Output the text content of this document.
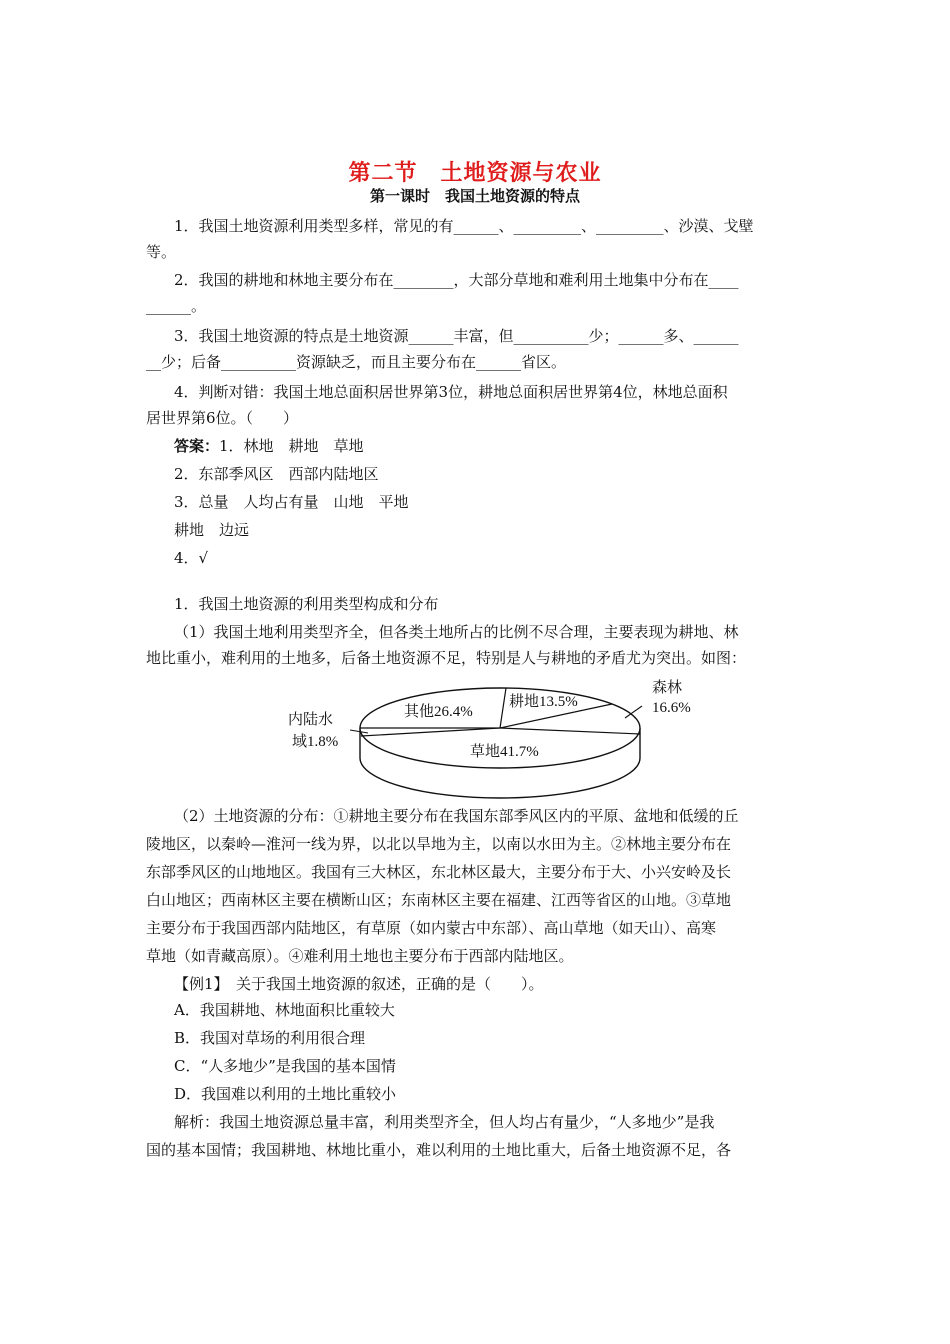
第二节　土地资源与农业
第一课时　我国土地资源的特点
1．我国土地资源利用类型多样，常见的有______、_________、_________、沙漠、戈壁
等。
2．我国的耕地和林地主要分布在________，大部分草地和难利用土地集中分布在____
______。
3．我国土地资源的特点是土地资源______丰富，但__________少；______多、______
__少；后备__________资源缺乏，而且主要分布在______省区。
4．判断对错：我国土地总面积居世界第3位，耕地总面积居世界第4位，林地总面积
居世界第6位。（　　）
答案：1．林地　耕地　草地
2．东部季风区　西部内陆地区
3．总量　人均占有量　山地　平地
耕地　边远
4．√
1．我国土地资源的利用类型构成和分布
（1）我国土地利用类型齐全，但各类土地所占的比例不尽合理，主要表现为耕地、林
地比重小，难利用的土地多，后备土地资源不足，特别是人与耕地的矛盾尤为突出。如图：
其他26.4%
耕地13.5%
森林
16.6%
草地41.7%
内陆水
域1.8%
（2）土地资源的分布：①耕地主要分布在我国东部季风区内的平原、盆地和低缓的丘
陵地区，以秦岭—淮河一线为界，以北以旱地为主，以南以水田为主。②林地主要分布在
东部季风区的山地地区。我国有三大林区，东北林区最大，主要分布于大、小兴安岭及长
白山地区；西南林区主要在横断山区；东南林区主要在福建、江西等省区的山地。③草地
主要分布于我国西部内陆地区，有草原（如内蒙古中东部）、高山草地（如天山）、高寒
草地（如青藏高原）。④难利用土地也主要分布于西部内陆地区。
【例1】　关于我国土地资源的叙述，正确的是（　　）。
A．我国耕地、林地面积比重较大
B．我国对草场的利用很合理
C．“人多地少”是我国的基本国情
D．我国难以利用的土地比重较小
解析：我国土地资源总量丰富，利用类型齐全，但人均占有量少，“人多地少”是我
国的基本国情；我国耕地、林地比重小，难以利用的土地比重大，后备土地资源不足，各
